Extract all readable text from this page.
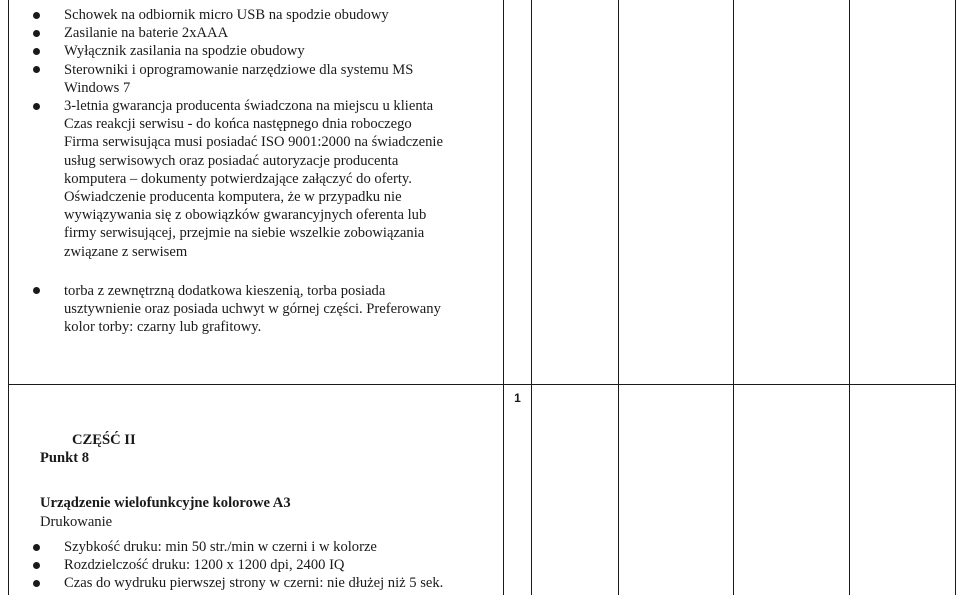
Schowek na odbiornik micro USB na spodzie obudowy
Zasilanie na baterie 2xAAA
Wyłącznik zasilania na spodzie obudowy
Sterowniki i oprogramowanie narzędziowe dla systemu MS Windows 7
3-letnia gwarancja producenta świadczona na miejscu u klienta
Czas reakcji serwisu - do końca następnego dnia roboczego
Firma serwisująca musi posiadać ISO 9001:2000 na świadczenie
usług serwisowych oraz posiadać autoryzacje producenta
komputera – dokumenty potwierdzające załączyć do oferty.
Oświadczenie producenta komputera, że w przypadku nie
wywiązywania się z obowiązków gwarancyjnych oferenta lub
firmy serwisującej, przejmie na siebie wszelkie zobowiązania
związane z serwisem
torba z zewnętrzną dodatkowa kieszenią, torba posiada
usztywnienie oraz posiada uchwyt w górnej części. Preferowany
kolor torby: czarny lub grafitowy.
1
CZĘŚĆ II
Punkt 8
Urządzenie wielofunkcyjne kolorowe A3
Drukowanie
Szybkość druku: min 50 str./min w czerni i w kolorze
Rozdzielczość druku: 1200 x 1200 dpi, 2400 IQ
Czas do wydruku pierwszej strony w czerni: nie dłużej niż 5 sek.
